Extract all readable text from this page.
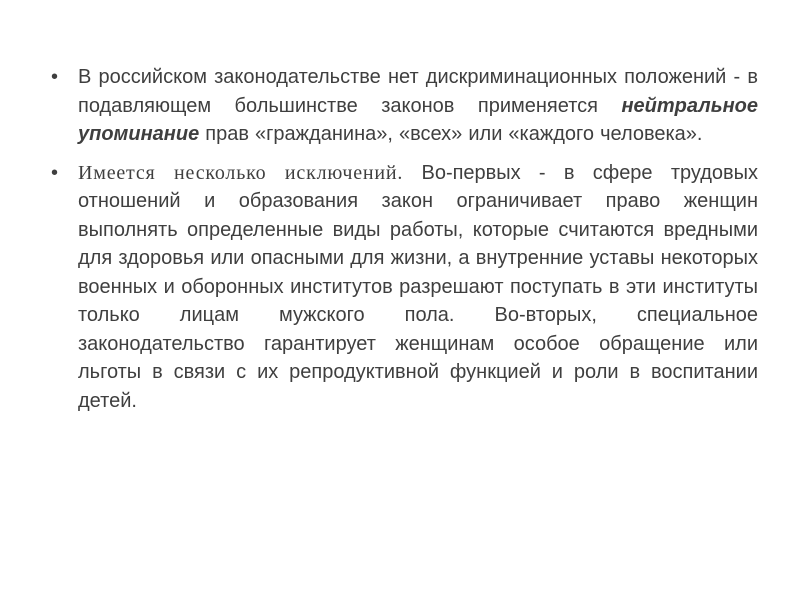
• В российском законодательстве нет дискриминационных положений - в подавляющем большинстве законов применяется нейтральное упоминание прав «гражданина», «всех» или «каждого человека».
• Имеется несколько исключений. Во-первых - в сфере трудовых отношений и образования закон ограничивает право женщин выполнять определенные виды работы, которые считаются вредными для здоровья или опасными для жизни, а внутренние уставы некоторых военных и оборонных институтов разрешают поступать в эти институты только лицам мужского пола. Во-вторых, специальное законодательство гарантирует женщинам особое обращение или льготы в связи с их репродуктивной функцией и роли в воспитании детей.
